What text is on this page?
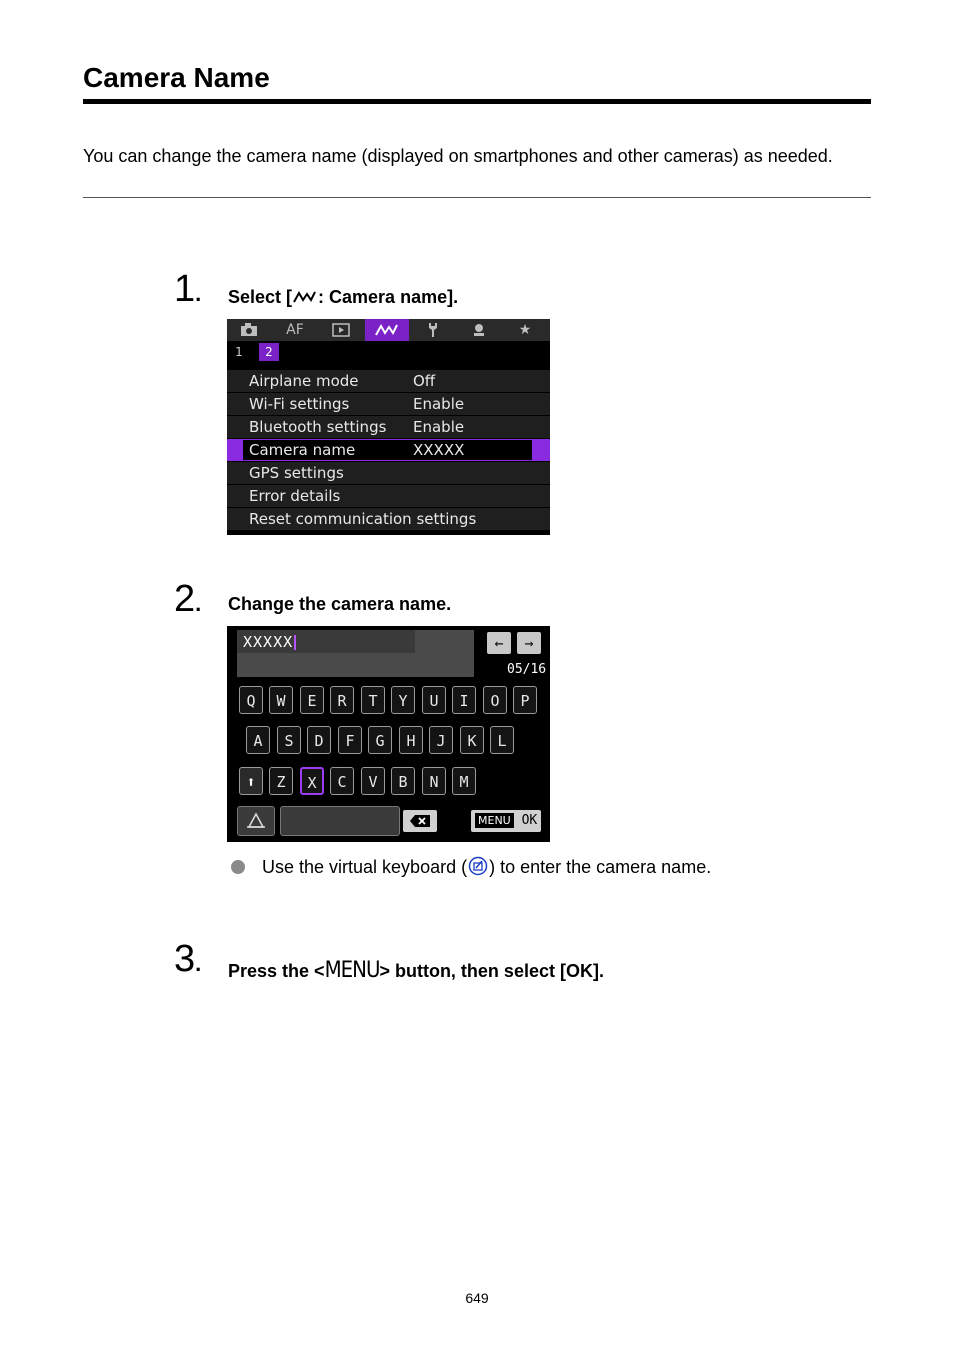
Camera Name
You can change the camera name (displayed on smartphones and other cameras) as needed.
1. Select [ : Camera name].
AF	★
1	2
Airplane mode	Off
Wi-Fi settings	Enable
Bluetooth settings Enable
Camera name	XXXXX
GPS settings
Error details
Reset communication settings
2. Change the camera name.
XXXXX	←	→
05/16
Q	W	E	R	T	Y	U	I	O	P
A	S	D	F	G	H	J	K	L
⬆	Z	X	C	V	B	N	M
MENU OK
Use the virtual keyboard ( ) to enter the camera name.
3. Press the <MENU> button, then select [OK].
649
